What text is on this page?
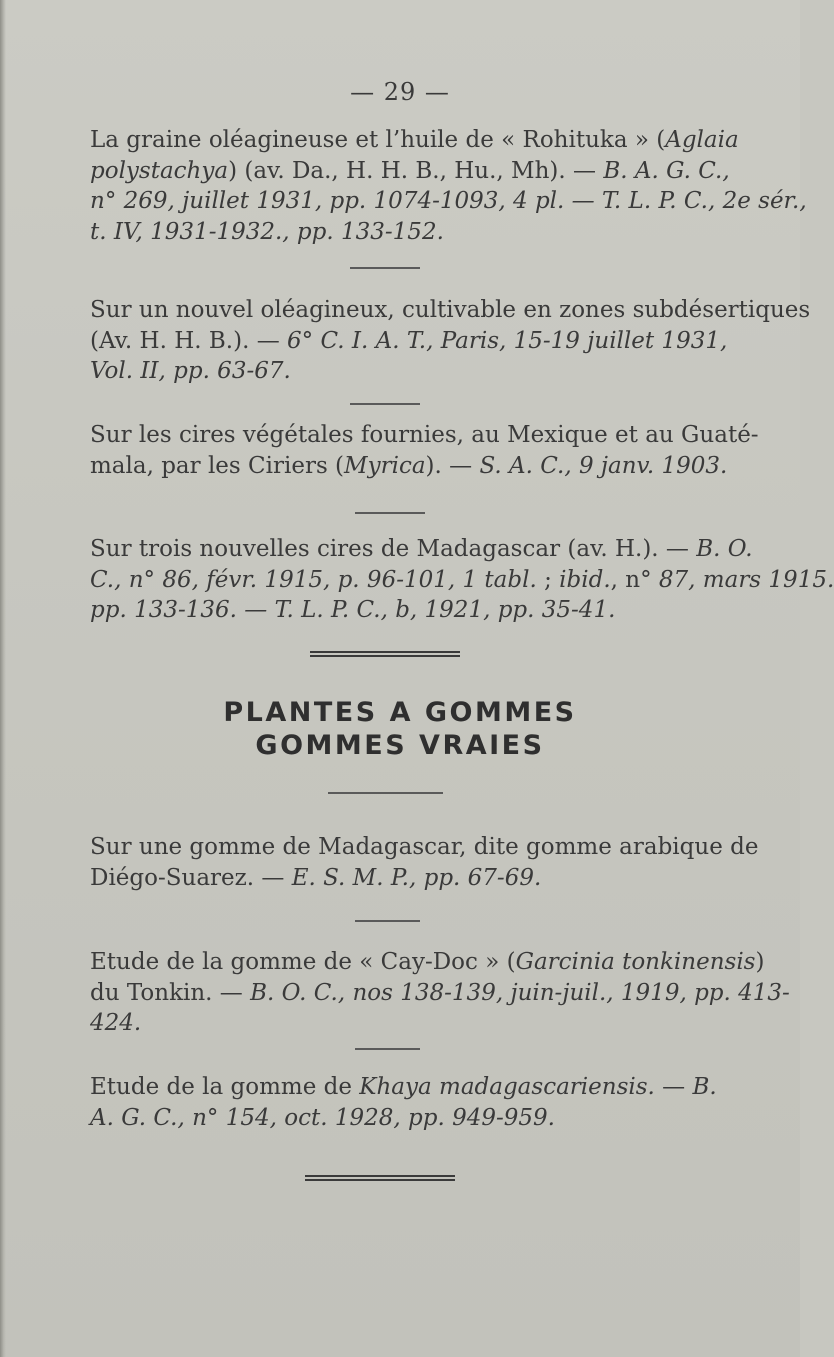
— 29 —
La graine oléagineuse et l’huile de « Rohituka » (Aglaia
polystachya) (av. Da., H. H. B., Hu., Mh). — B. A. G. C.,
n° 269, juillet 1931, pp. 1074-1093, 4 pl. — T. L. P. C., 2e sér.,
t. IV, 1931-1932., pp. 133-152.
Sur un nouvel oléagineux, cultivable en zones subdésertiques
(Av. H. H. B.). — 6° C. I. A. T., Paris, 15-19 juillet 1931,
Vol. II, pp. 63-67.
Sur les cires végétales fournies, au Mexique et au Guaté-
mala, par les Ciriers (Myrica). — S. A. C., 9 janv. 1903.
Sur trois nouvelles cires de Madagascar (av. H.). — B. O.
C., n° 86, févr. 1915, p. 96-101, 1 tabl. ; ibid., n° 87, mars 1915.
pp. 133-136. — T. L. P. C., b, 1921, pp. 35-41.
PLANTES A GOMMES
GOMMES VRAIES
Sur une gomme de Madagascar, dite gomme arabique de
Diégo-Suarez. — E. S. M. P., pp. 67-69.
Etude de la gomme de « Cay-Doc » (Garcinia tonkinensis)
du Tonkin. — B. O. C., nos 138-139, juin-juil., 1919, pp. 413-
424.
Etude de la gomme de Khaya madagascariensis. — B.
A. G. C., n° 154, oct. 1928, pp. 949-959.
